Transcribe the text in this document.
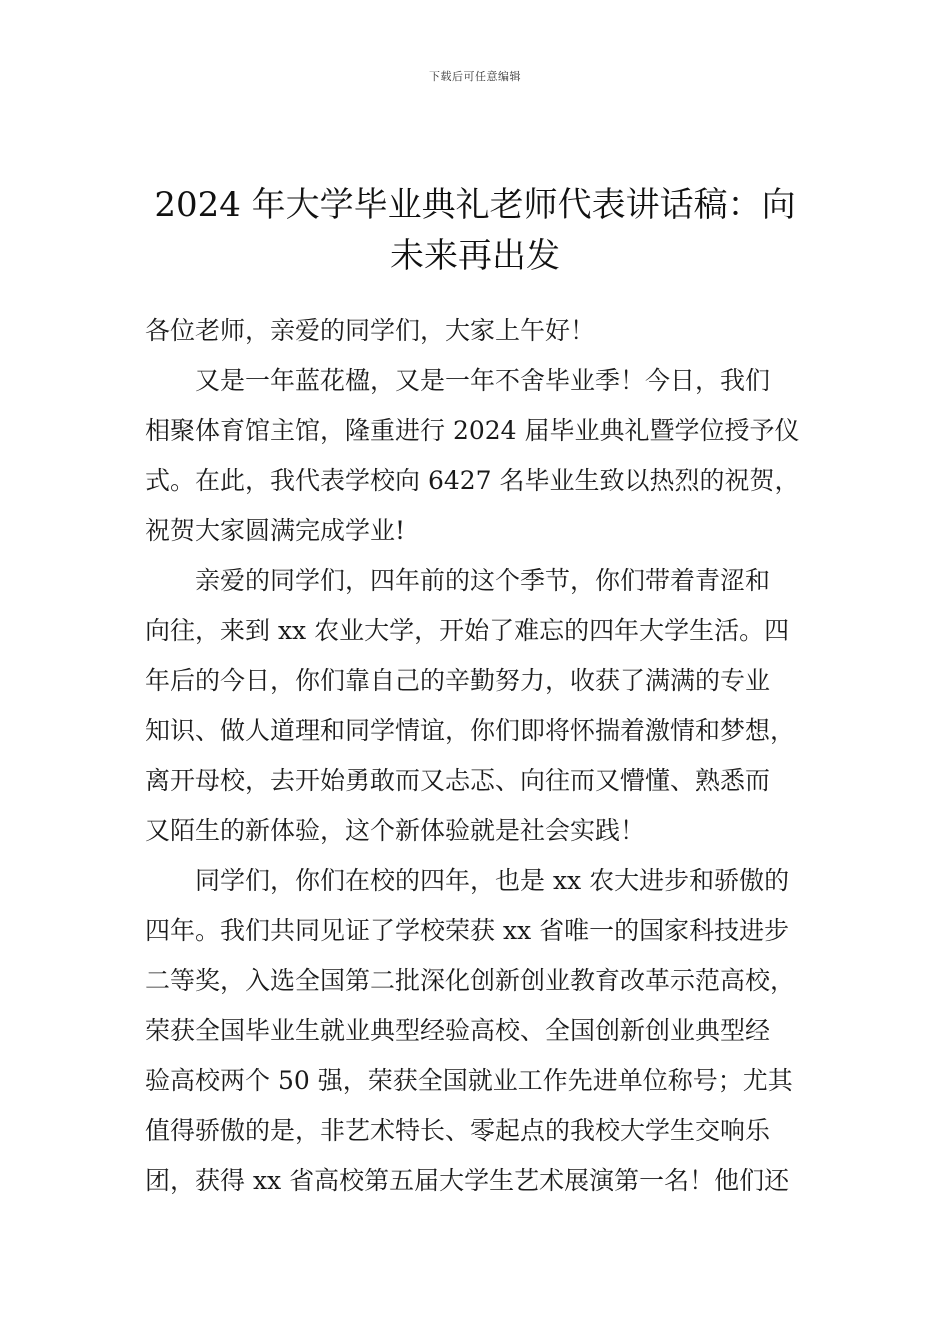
下载后可任意编辑
2024 年大学毕业典礼老师代表讲话稿：向未来再出发

各位老师，亲爱的同学们，大家上午好！

　　又是一年蓝花楹，又是一年不舍毕业季！今日，我们

相聚体育馆主馆，隆重进行 2024 届毕业典礼暨学位授予仪

式。在此，我代表学校向 6427 名毕业生致以热烈的祝贺，

祝贺大家圆满完成学业!

　　亲爱的同学们，四年前的这个季节，你们带着青涩和

向往，来到 xx 农业大学，开始了难忘的四年大学生活。四

年后的今日，你们靠自己的辛勤努力，收获了满满的专业

知识、做人道理和同学情谊，你们即将怀揣着激情和梦想，

离开母校，去开始勇敢而又忐忑、向往而又懵懂、熟悉而

又陌生的新体验，这个新体验就是社会实践！

　　同学们，你们在校的四年，也是 xx 农大进步和骄傲的

四年。我们共同见证了学校荣获 xx 省唯一的国家科技进步

二等奖，入选全国第二批深化创新创业教育改革示范高校，

荣获全国毕业生就业典型经验高校、全国创新创业典型经

验高校两个 50 强，荣获全国就业工作先进单位称号；尤其

值得骄傲的是，非艺术特长、零起点的我校大学生交响乐

团，获得 xx 省高校第五届大学生艺术展演第一名！他们还
